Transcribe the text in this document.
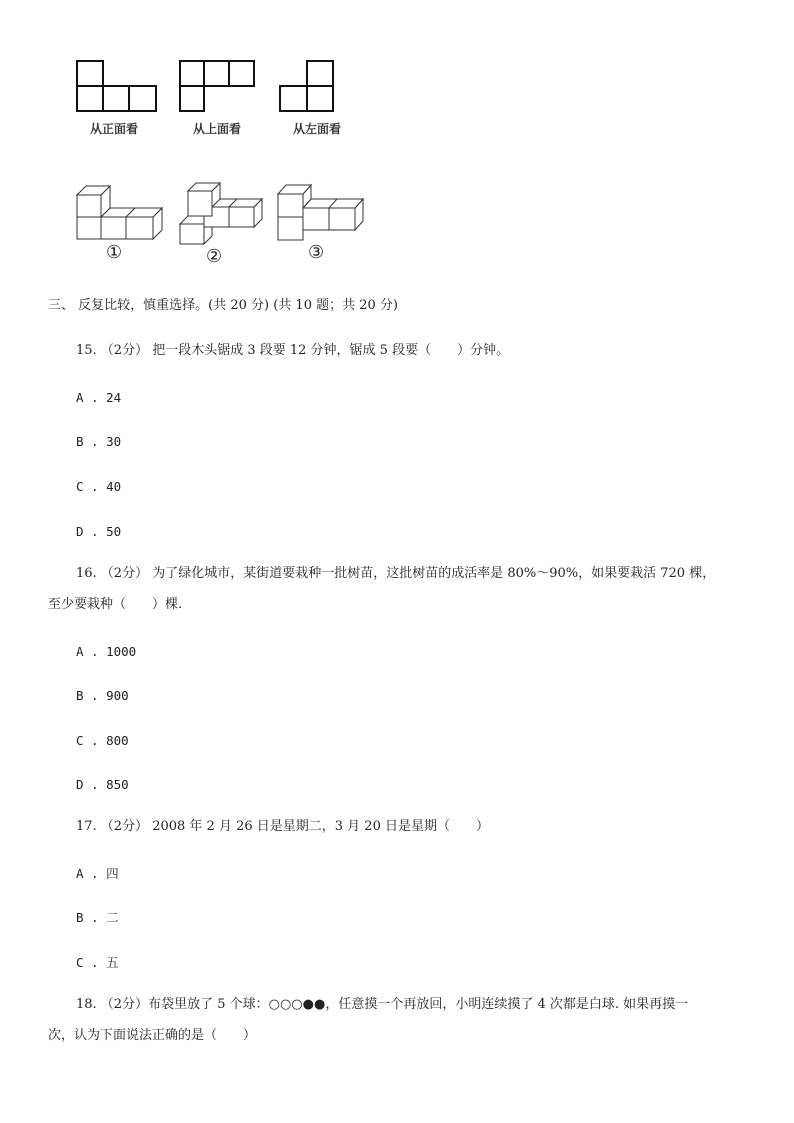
从正面看	从上面看	从左面看
①	②	③
三、 反复比较，慎重选择。(共 20 分) (共 10 题；共 20 分)
15. （2分） 把一段木头锯成 3 段要 12 分钟，锯成 5 段要（　　）分钟。
A . 24
B . 30
C . 40
D . 50
16. （2分） 为了绿化城市，某街道要栽种一批树苗，这批树苗的成活率是 80%～90%，如果要栽活 720 棵，
至少要栽种（　　）棵.
A . 1000
B . 900
C . 800
D . 850
17. （2分） 2008 年 2 月 26 日是星期二，3 月 20 日是星期（　　）
A . 四
B . 二
C . 五
18. （2分）布袋里放了 5 个球：○○○●●，任意摸一个再放回，小明连续摸了 4 次都是白球. 如果再摸一
次，认为下面说法正确的是（　　）
